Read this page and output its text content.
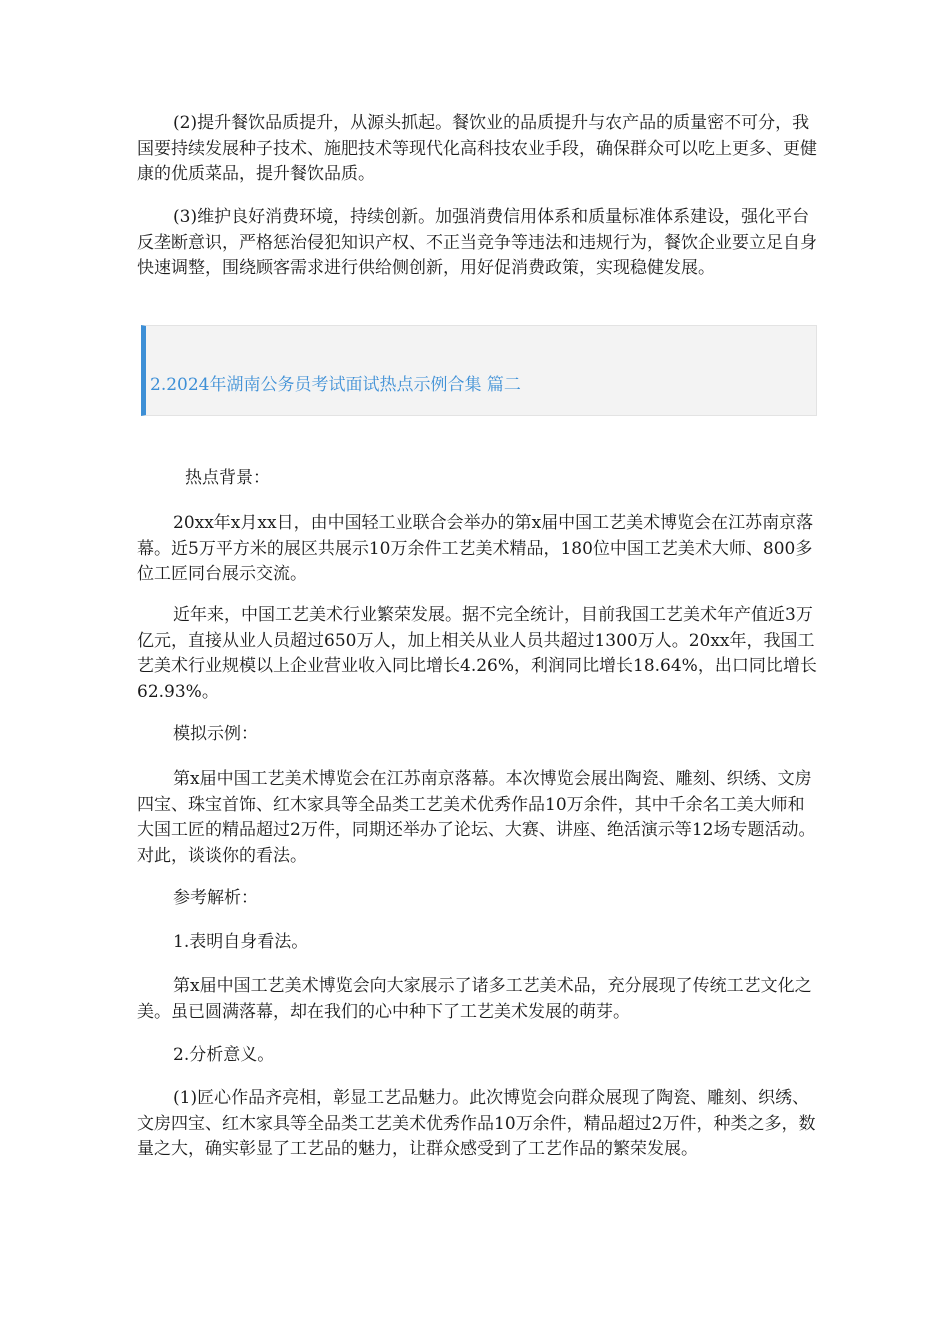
(2)提升餐饮品质提升，从源头抓起。餐饮业的品质提升与农产品的质量密不可分，我国要持续发展种子技术、施肥技术等现代化高科技农业手段，确保群众可以吃上更多、更健康的优质菜品，提升餐饮品质。

(3)维护良好消费环境，持续创新。加强消费信用体系和质量标准体系建设，强化平台反垄断意识，严格惩治侵犯知识产权、不正当竞争等违法和违规行为，餐饮企业要立足自身快速调整，围绕顾客需求进行供给侧创新，用好促消费政策，实现稳健发展。

2.2024年湖南公务员考试面试热点示例合集 篇二

热点背景：

20xx年x月xx日，由中国轻工业联合会举办的第x届中国工艺美术博览会在江苏南京落幕。近5万平方米的展区共展示10万余件工艺美术精品，180位中国工艺美术大师、800多位工匠同台展示交流。

近年来，中国工艺美术行业繁荣发展。据不完全统计，目前我国工艺美术年产值近3万亿元，直接从业人员超过650万人，加上相关从业人员共超过1300万人。20xx年，我国工艺美术行业规模以上企业营业收入同比增长4.26%，利润同比增长18.64%，出口同比增长62.93%。

模拟示例：

第x届中国工艺美术博览会在江苏南京落幕。本次博览会展出陶瓷、雕刻、织绣、文房四宝、珠宝首饰、红木家具等全品类工艺美术优秀作品10万余件，其中千余名工美大师和大国工匠的精品超过2万件，同期还举办了论坛、大赛、讲座、绝活演示等12场专题活动。对此，谈谈你的看法。

参考解析：

1.表明自身看法。

第x届中国工艺美术博览会向大家展示了诸多工艺美术品，充分展现了传统工艺文化之美。虽已圆满落幕，却在我们的心中种下了工艺美术发展的萌芽。

2.分析意义。

(1)匠心作品齐亮相，彰显工艺品魅力。此次博览会向群众展现了陶瓷、雕刻、织绣、文房四宝、红木家具等全品类工艺美术优秀作品10万余件，精品超过2万件，种类之多，数量之大，确实彰显了工艺品的魅力，让群众感受到了工艺作品的繁荣发展。
